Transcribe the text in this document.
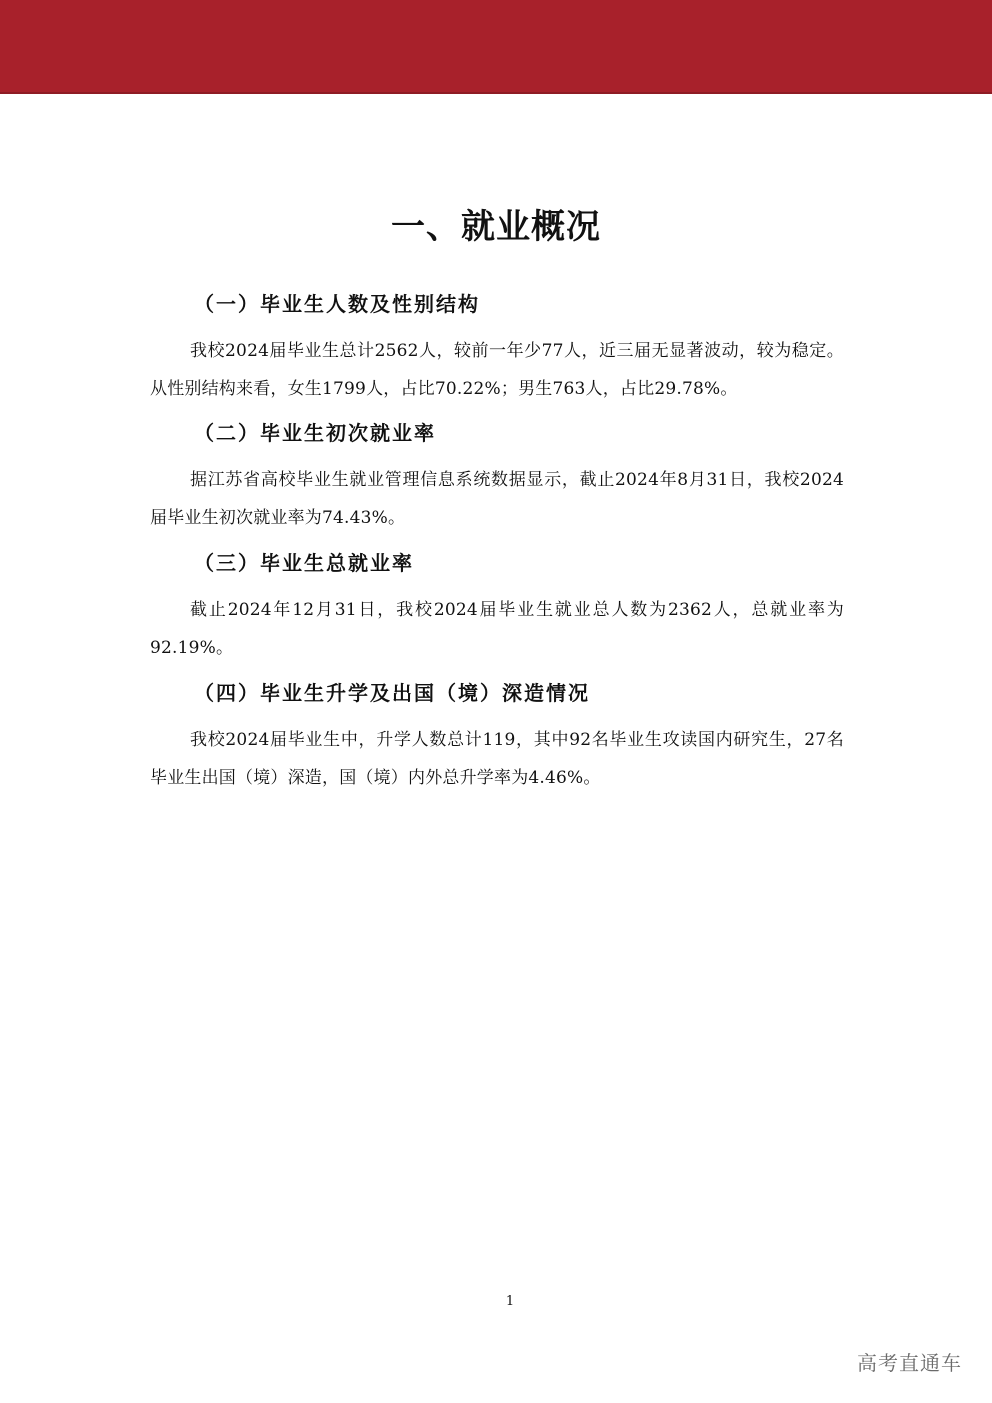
一、就业概况
（一）毕业生人数及性别结构

我校2024届毕业生总计2562人，较前一年少77人，近三届无显著波动，较为稳定。从性别结构来看，女生1799人，占比70.22%；男生763人，占比29.78%。

（二）毕业生初次就业率

据江苏省高校毕业生就业管理信息系统数据显示，截止2024年8月31日，我校2024届毕业生初次就业率为74.43%。

（三）毕业生总就业率

截止2024年12月31日，我校2024届毕业生就业总人数为2362人，总就业率为92.19%。

（四）毕业生升学及出国（境）深造情况

我校2024届毕业生中，升学人数总计119，其中92名毕业生攻读国内研究生，27名毕业生出国（境）深造，国（境）内外总升学率为4.46%。

1
高考直通车
